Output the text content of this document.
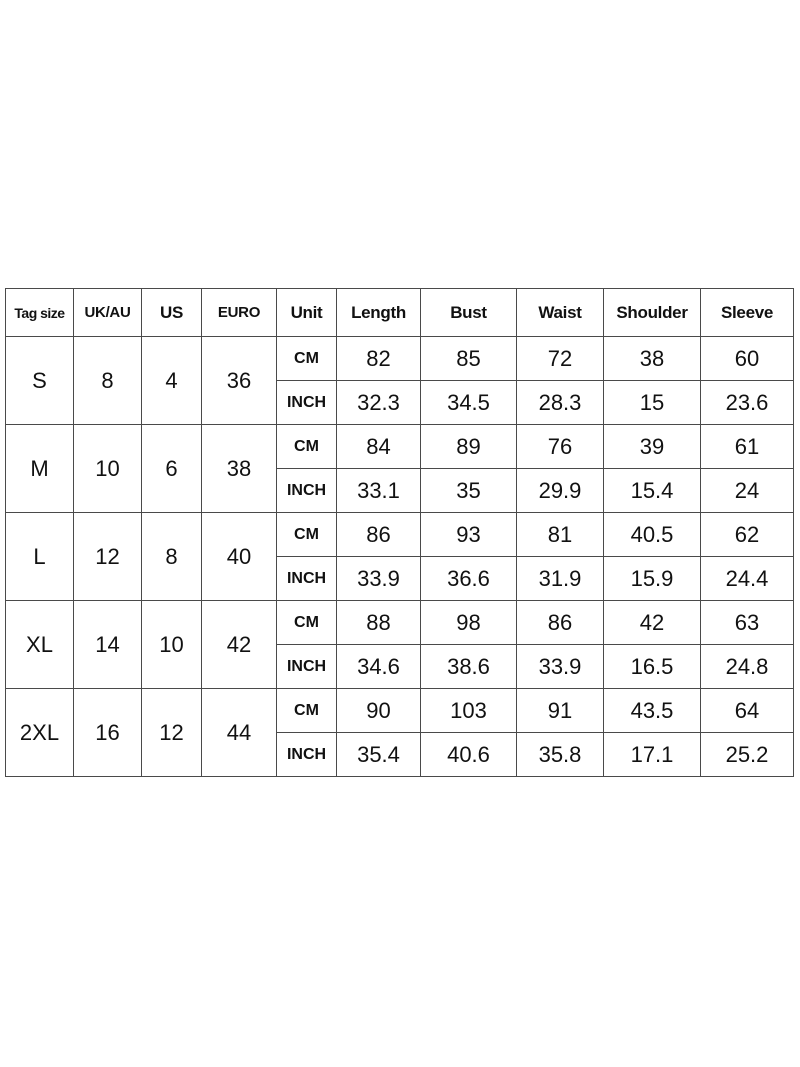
Tag size	UK/AU	US	EURO	Unit	Length	Bust	Waist	Shoulder	Sleeve
S	8	4	36	CM	82	85	72	38	60
				INCH	32.3	34.5	28.3	15	23.6
M	10	6	38	CM	84	89	76	39	61
				INCH	33.1	35	29.9	15.4	24
L	12	8	40	CM	86	93	81	40.5	62
				INCH	33.9	36.6	31.9	15.9	24.4
XL	14	10	42	CM	88	98	86	42	63
				INCH	34.6	38.6	33.9	16.5	24.8
2XL	16	12	44	CM	90	103	91	43.5	64
				INCH	35.4	40.6	35.8	17.1	25.2
